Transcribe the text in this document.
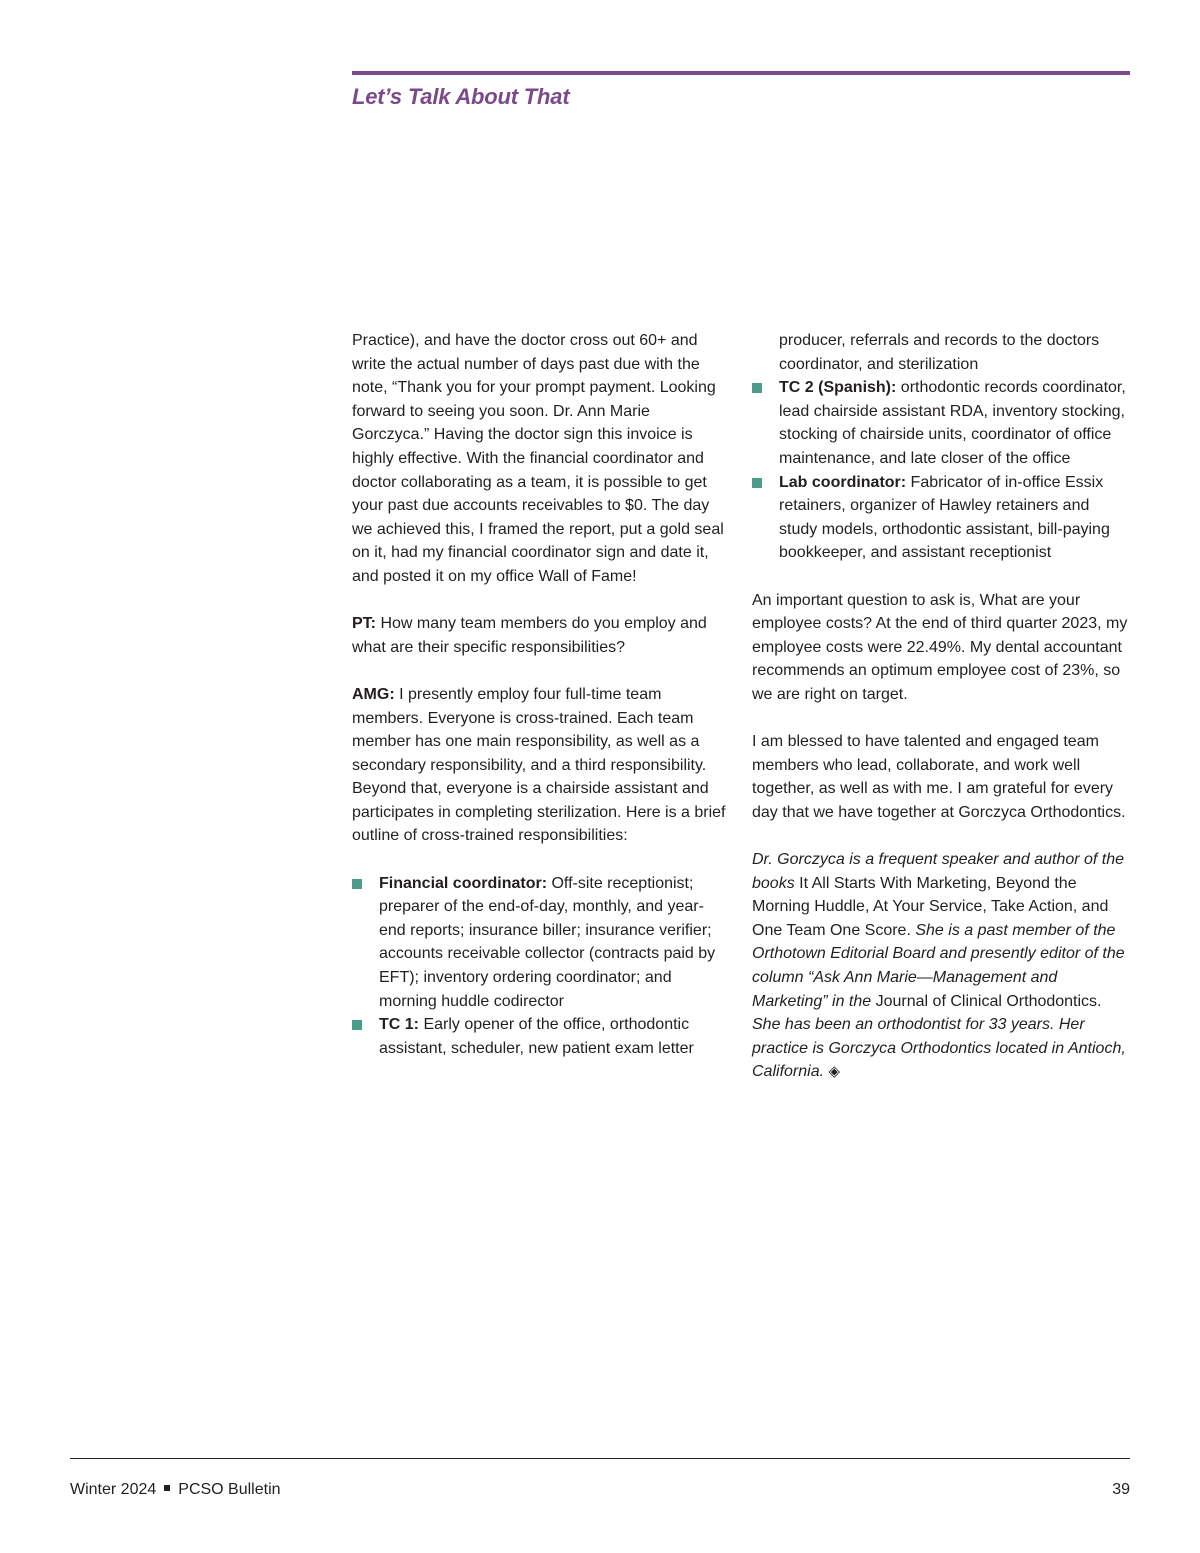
Let’s Talk About That

Practice), and have the doctor cross out 60+ and write the actual number of days past due with the note, “Thank you for your prompt payment. Looking forward to seeing you soon. Dr. Ann Marie Gorczyca.” Having the doctor sign this invoice is highly effective. With the financial coordinator and doctor collaborating as a team, it is possible to get your past due accounts receivables to $0. The day we achieved this, I framed the report, put a gold seal on it, had my financial coordinator sign and date it, and posted it on my office Wall of Fame!

PT: How many team members do you employ and what are their specific responsibilities?

AMG: I presently employ four full-time team members. Everyone is cross-trained. Each team member has one main responsibility, as well as a secondary responsibility, and a third responsibility. Beyond that, everyone is a chairside assistant and participates in completing sterilization. Here is a brief outline of cross-trained responsibilities:

Financial coordinator: Off-site receptionist; preparer of the end-of-day, monthly, and year-end reports; insurance biller; insurance verifier; accounts receivable collector (contracts paid by EFT); inventory ordering coordinator; and morning huddle codirector
TC 1: Early opener of the office, orthodontic assistant, scheduler, new patient exam letter
producer, referrals and records to the doctors coordinator, and sterilization
TC 2 (Spanish): orthodontic records coordinator, lead chairside assistant RDA, inventory stocking, stocking of chairside units, coordinator of office maintenance, and late closer of the office
Lab coordinator: Fabricator of in-office Essix retainers, organizer of Hawley retainers and study models, orthodontic assistant, bill-paying bookkeeper, and assistant receptionist

An important question to ask is, What are your employee costs? At the end of third quarter 2023, my employee costs were 22.49%. My dental accountant recommends an optimum employee cost of 23%, so we are right on target.

I am blessed to have talented and engaged team members who lead, collaborate, and work well together, as well as with me. I am grateful for every day that we have together at Gorczyca Orthodontics.

Dr. Gorczyca is a frequent speaker and author of the books It All Starts With Marketing, Beyond the Morning Huddle, At Your Service, Take Action, and One Team One Score. She is a past member of the Orthotown Editorial Board and presently editor of the column “Ask Ann Marie—Management and Marketing” in the Journal of Clinical Orthodontics. She has been an orthodontist for 33 years. Her practice is Gorczyca Orthodontics located in Antioch, California. ◈

Winter 2024 PCSO Bulletin	39
